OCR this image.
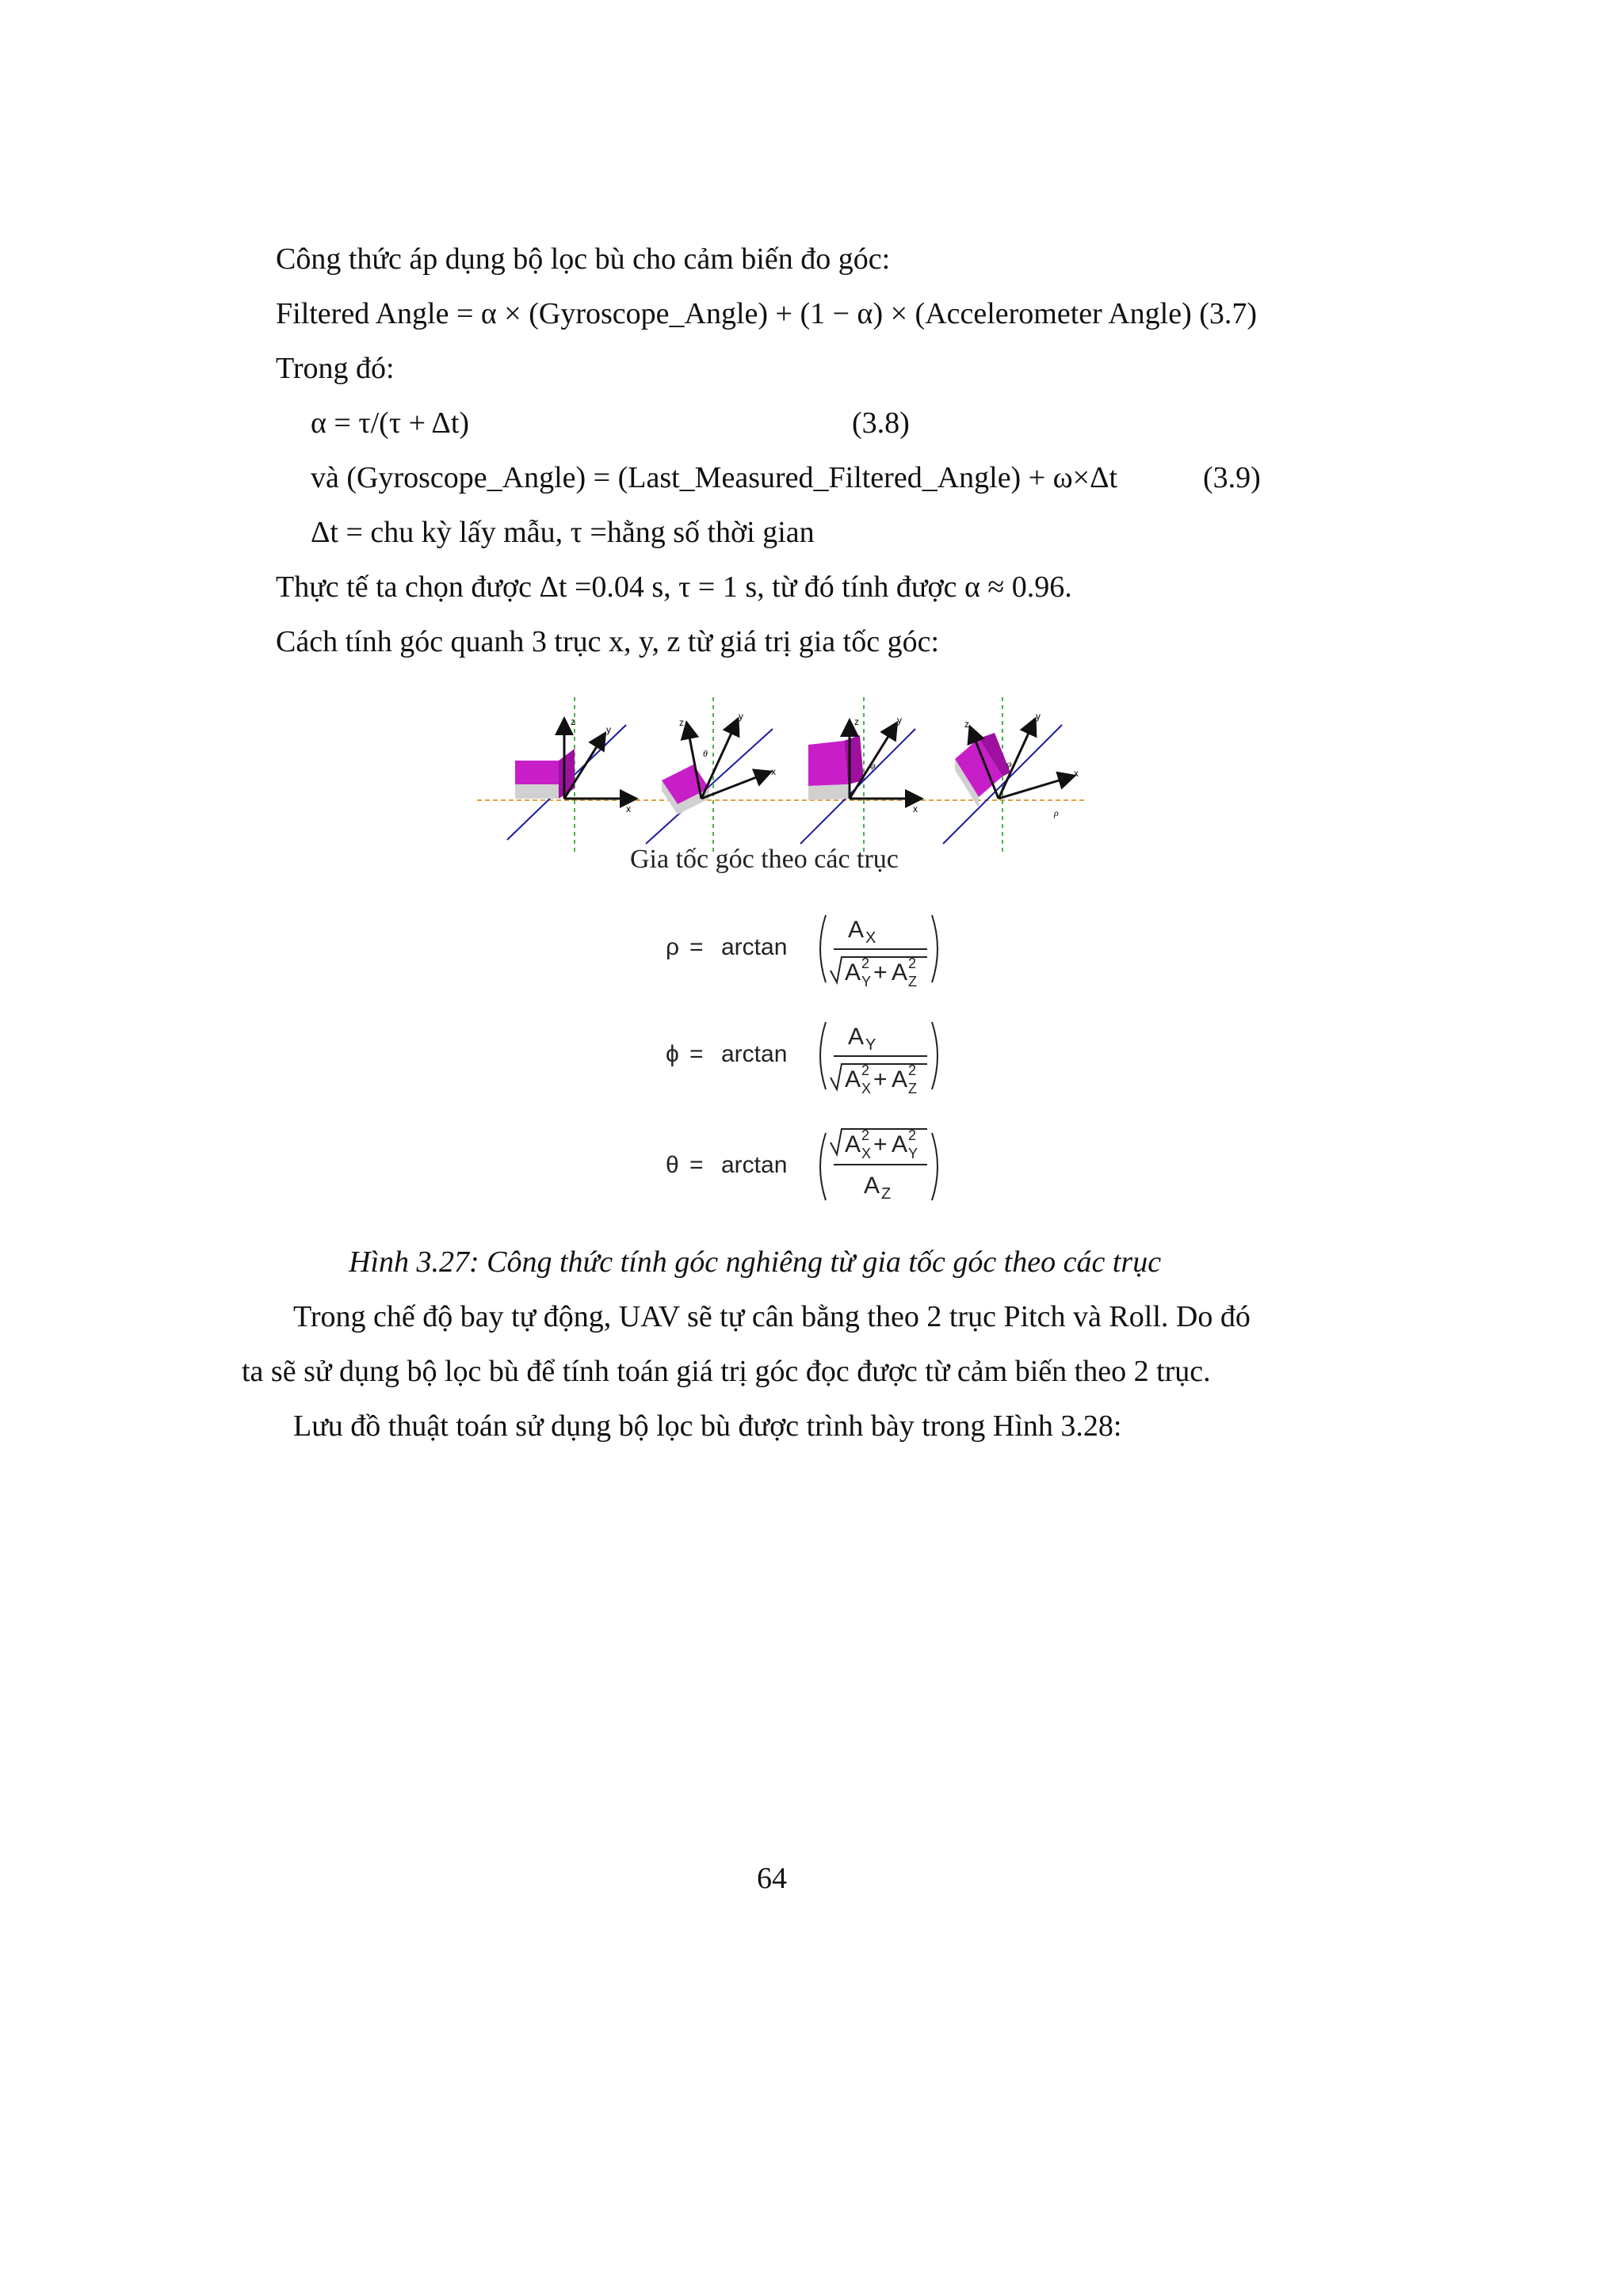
Công thức áp dụng bộ lọc bù cho cảm biến đo góc:
Filtered Angle = α × (Gyroscope_Angle) + (1 − α) × (Accelerometer Angle) (3.7)
Trong đó:
α = τ/(τ + Δt)	(3.8)
và (Gyroscope_Angle) = (Last_Measured_Filtered_Angle) + ω×Δt	(3.9)
Δt = chu kỳ lấy mẫu, τ =hằng số thời gian
Thực tế ta chọn được Δt =0.04 s, τ = 1 s, từ đó tính được α ≈ 0.96.
Cách tính góc quanh 3 trục x, y, z từ giá trị gia tốc góc:
z
x
y
z
x
y
θ
z
x
y
φ
z
x
y
φ
ρ
Gia tốc góc theo các trục
ρ = arctan
A X
A Y
2 + A Z
2
ϕ = arctan
A Y
A X
2 + A Z
2
θ = arctan
A X
2 + A Y
2
A Z
Hình 3.27: Công thức tính góc nghiêng từ gia tốc góc theo các trục
Trong chế độ bay tự động, UAV sẽ tự cân bằng theo 2 trục Pitch và Roll. Do đó
ta sẽ sử dụng bộ lọc bù để tính toán giá trị góc đọc được từ cảm biến theo 2 trục.
Lưu đồ thuật toán sử dụng bộ lọc bù được trình bày trong Hình 3.28:
64
